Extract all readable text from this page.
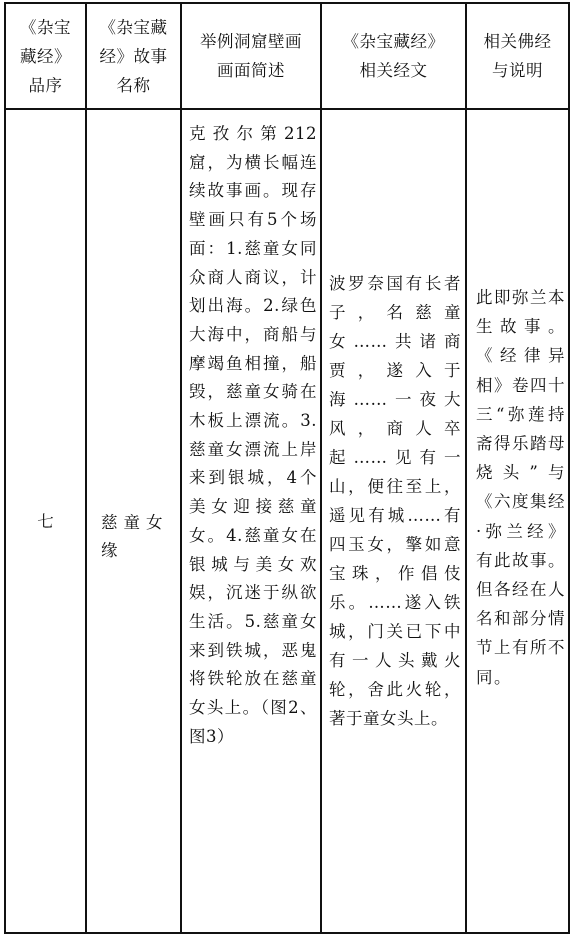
《杂宝
藏经》
品序
《杂宝藏
经》故事
名称
举例洞窟壁画
画面简述
《杂宝藏经》
相关经文
相关佛经
与说明
七	慈童女缘
克孜尔第212窟，为横长幅连续故事画。现存壁画只有5个场面：1.慈童女同众商人商议，计划出海。2.绿色大海中，商船与摩竭鱼相撞，船毁，慈童女骑在木板上漂流。3.慈童女漂流上岸来到银城，4个美女迎接慈童女。4.慈童女在银城与美女欢娱，沉迷于纵欲生活。5.慈童女来到铁城，恶鬼将铁轮放在慈童女头上。（图2、图3）
波罗奈国有长者子，名慈童女……共诸商贾，遂入于海……一夜大风，商人卒起……见有一山，便往至上，遥见有城……有四玉女，擎如意宝珠，作倡伎乐。……遂入铁城，门关已下中有一人头戴火轮，舍此火轮，著于童女头上。
此即弥兰本生故事。《经律异相》卷四十三“弥莲持斋得乐踏母烧头”与《六度集经·弥兰经》有此故事。但各经在人名和部分情节上有所不同。
